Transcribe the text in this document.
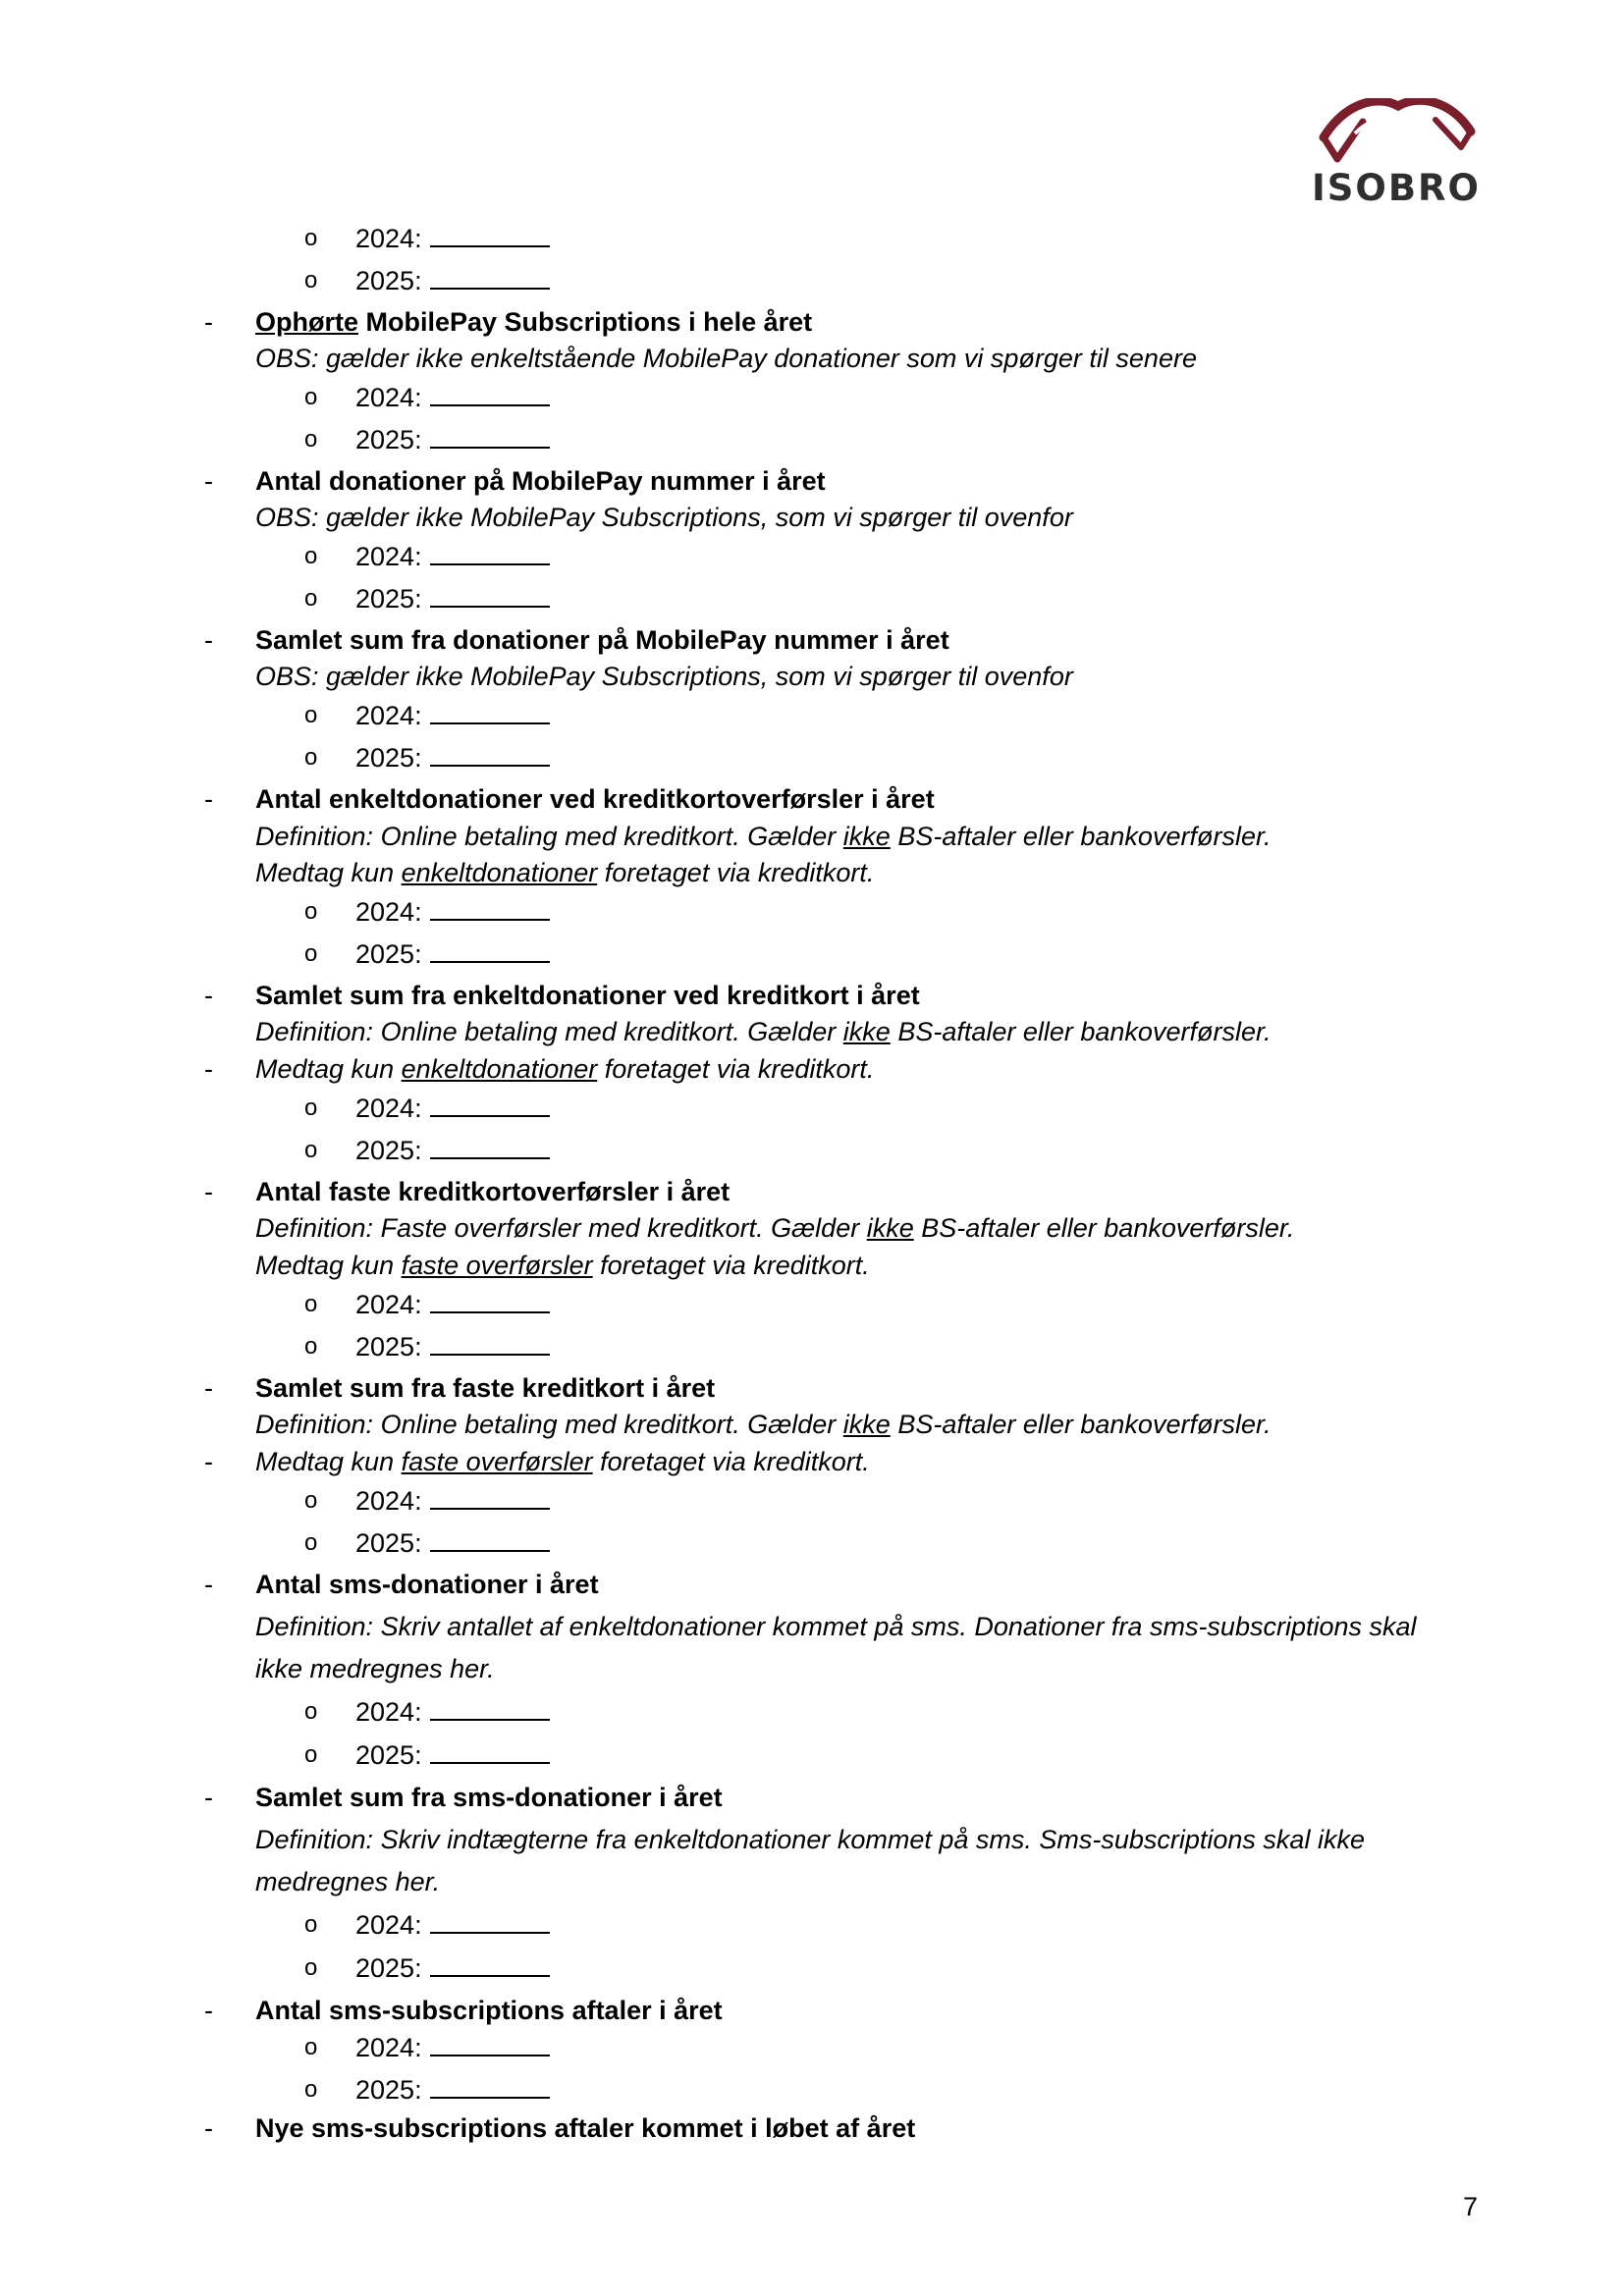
ISOBRO
o 2024:
o 2025:
- Ophørte MobilePay Subscriptions i hele året
OBS: gælder ikke enkeltstående MobilePay donationer som vi spørger til senere
o 2024:
o 2025:
- Antal donationer på MobilePay nummer i året
OBS: gælder ikke MobilePay Subscriptions, som vi spørger til ovenfor
o 2024:
o 2025:
- Samlet sum fra donationer på MobilePay nummer i året
OBS: gælder ikke MobilePay Subscriptions, som vi spørger til ovenfor
o 2024:
o 2025:
- Antal enkeltdonationer ved kreditkortoverførsler i året
Definition: Online betaling med kreditkort. Gælder ikke BS-aftaler eller bankoverførsler.
Medtag kun enkeltdonationer foretaget via kreditkort.
o 2024:
o 2025:
- Samlet sum fra enkeltdonationer ved kreditkort i året
Definition: Online betaling med kreditkort. Gælder ikke BS-aftaler eller bankoverførsler.
- Medtag kun enkeltdonationer foretaget via kreditkort.
o 2024:
o 2025:
- Antal faste kreditkortoverførsler i året
Definition: Faste overførsler med kreditkort. Gælder ikke BS-aftaler eller bankoverførsler.
Medtag kun faste overførsler foretaget via kreditkort.
o 2024:
o 2025:
- Samlet sum fra faste kreditkort i året
Definition: Online betaling med kreditkort. Gælder ikke BS-aftaler eller bankoverførsler.
- Medtag kun faste overførsler foretaget via kreditkort.
o 2024:
o 2025:
- Antal sms-donationer i året
Definition: Skriv antallet af enkeltdonationer kommet på sms. Donationer fra sms-subscriptions skal
ikke medregnes her.
o 2024:
o 2025:
- Samlet sum fra sms-donationer i året
Definition: Skriv indtægterne fra enkeltdonationer kommet på sms. Sms-subscriptions skal ikke
medregnes her.
o 2024:
o 2025:
- Antal sms-subscriptions aftaler i året
o 2024:
o 2025:
- Nye sms-subscriptions aftaler kommet i løbet af året
7
